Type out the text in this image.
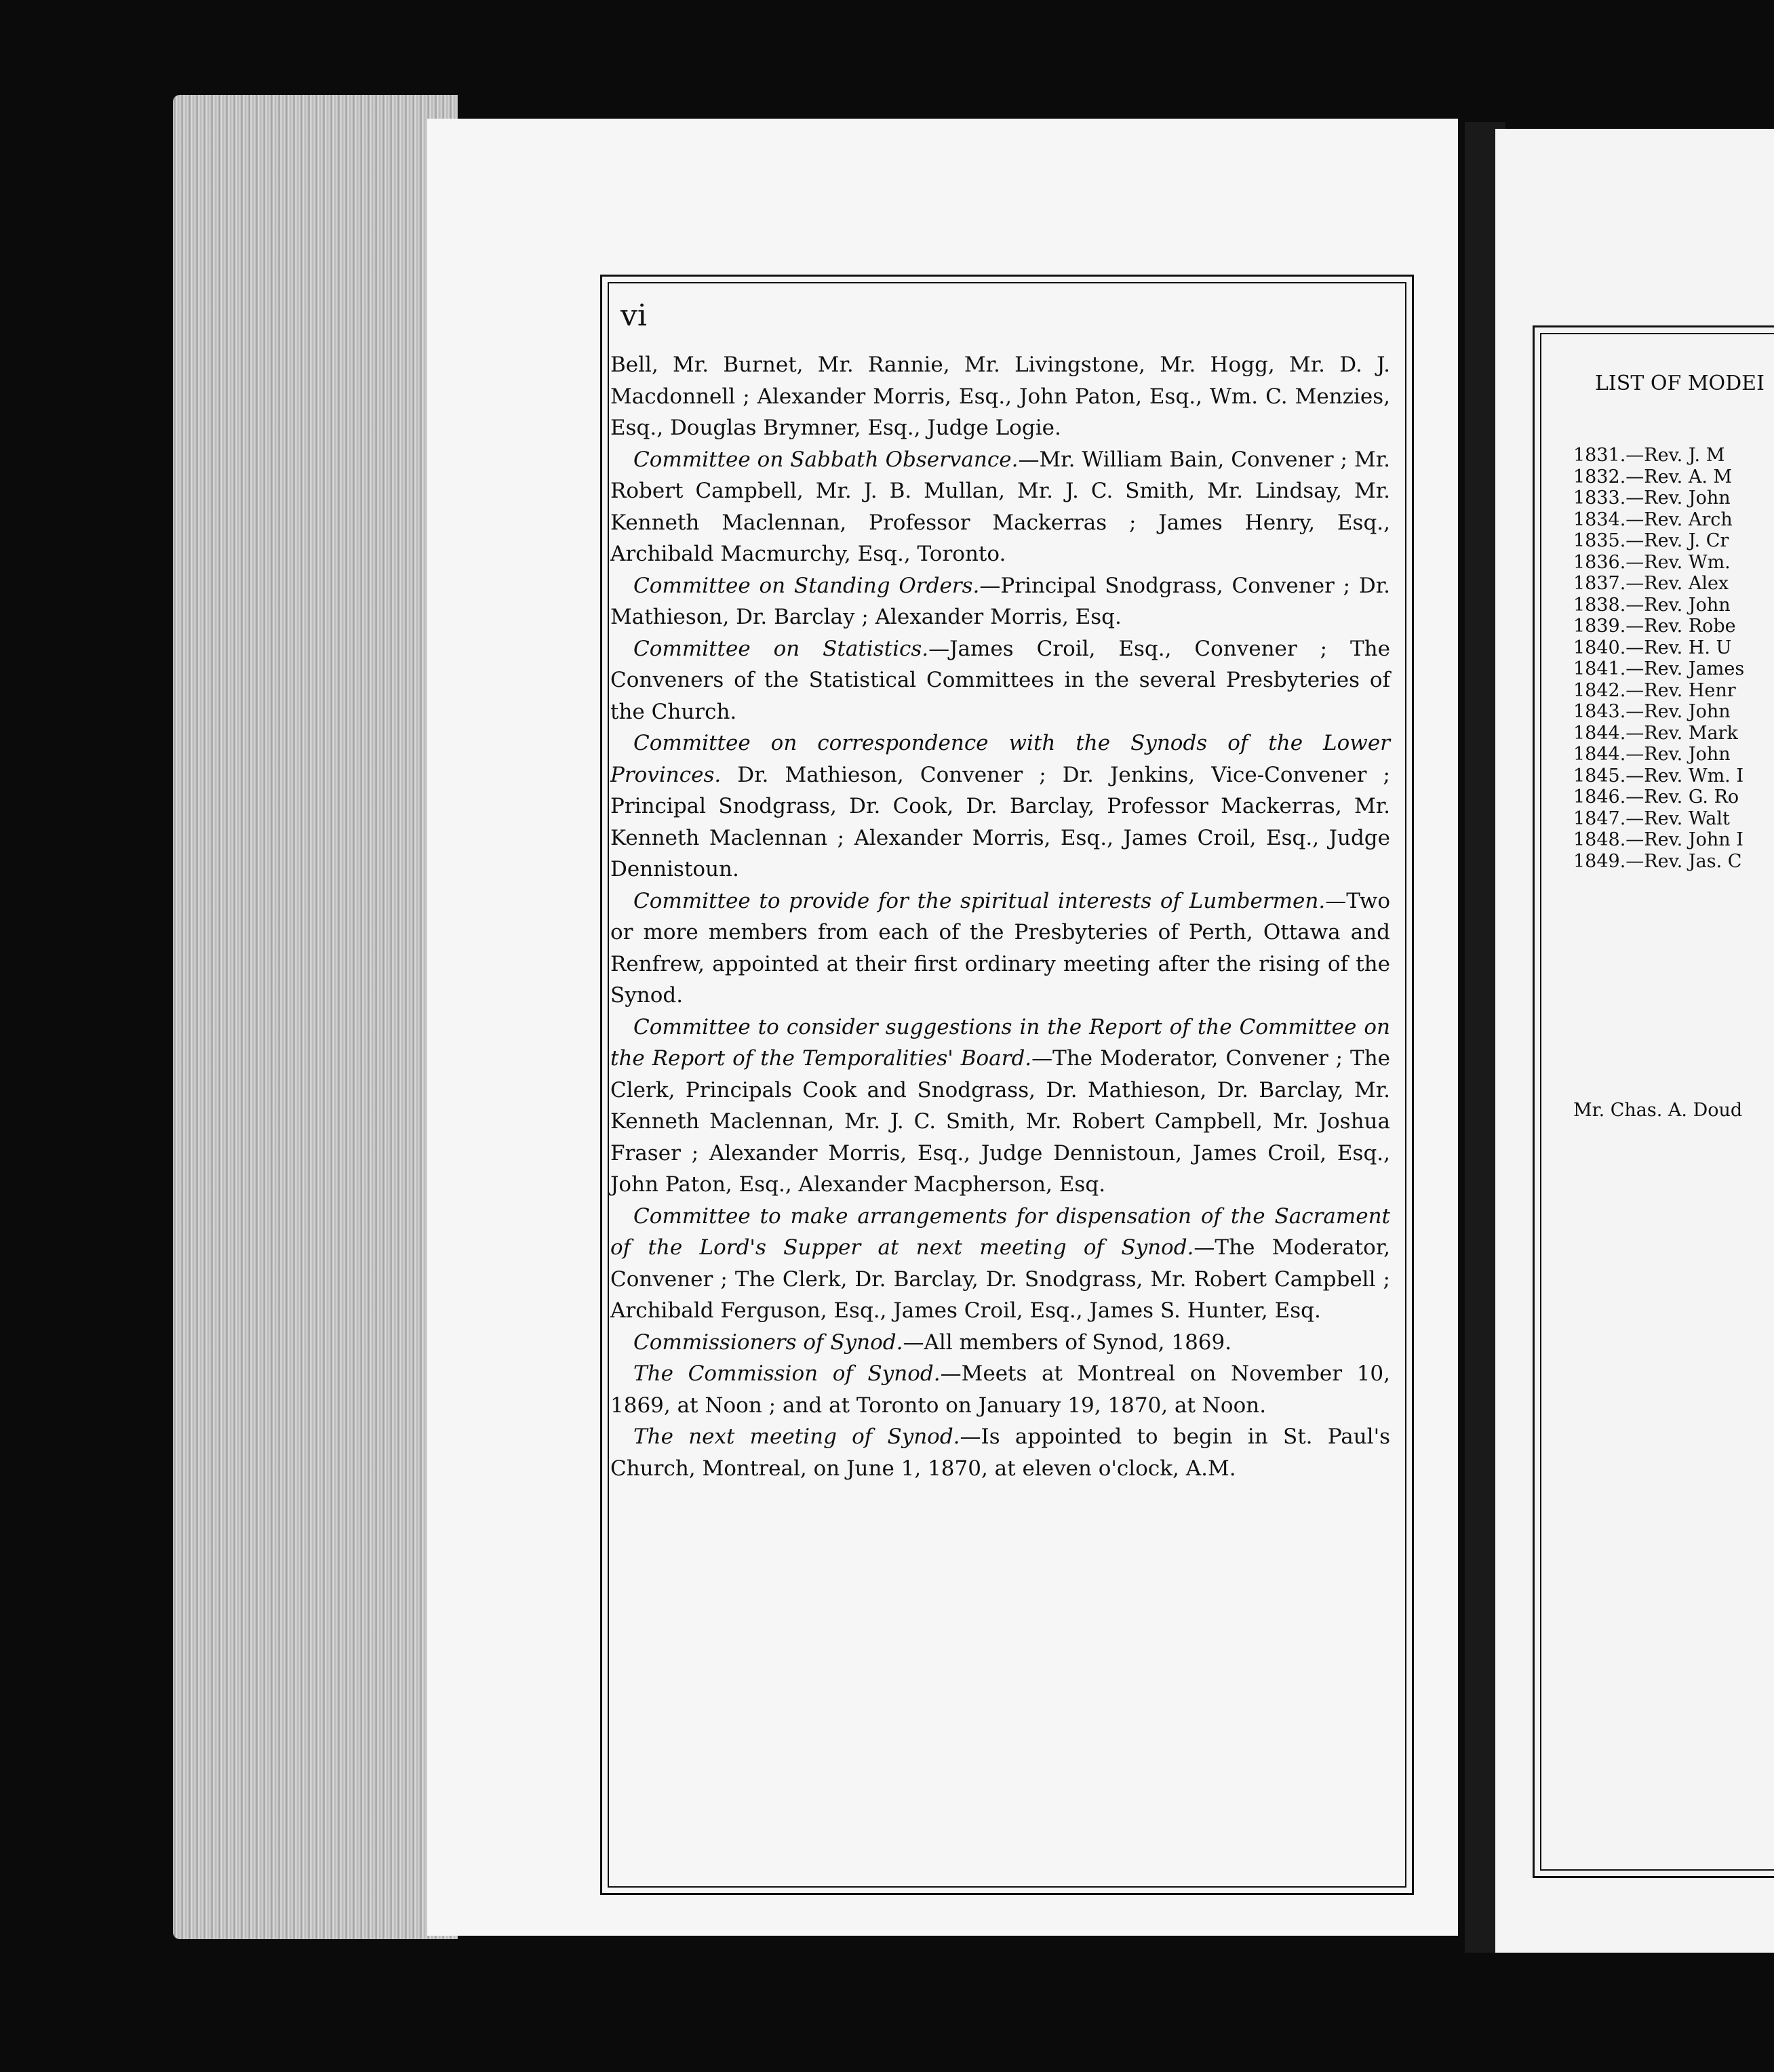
vi

Bell, Mr. Burnet, Mr. Rannie, Mr. Livingstone, Mr. Hogg, Mr. D. J. Macdonnell ; Alexander Morris, Esq., John Paton, Esq., Wm. C. Menzies, Esq., Douglas Brymner, Esq., Judge Logie.

Committee on Sabbath Observance.—Mr. William Bain, Convener ; Mr. Robert Campbell, Mr. J. B. Mullan, Mr. J. C. Smith, Mr. Lindsay, Mr. Kenneth Maclennan, Professor Mackerras ; James Henry, Esq., Archibald Macmurchy, Esq., Toronto.

Committee on Standing Orders.—Principal Snodgrass, Convener ; Dr. Mathieson, Dr. Barclay ; Alexander Morris, Esq.

Committee on Statistics.—James Croil, Esq., Convener ; The Conveners of the Statistical Committees in the several Presbyteries of the Church.

Committee on correspondence with the Synods of the Lower Provinces. Dr. Mathieson, Convener ; Dr. Jenkins, Vice-Convener ; Principal Snodgrass, Dr. Cook, Dr. Barclay, Professor Mackerras, Mr. Kenneth Maclennan ; Alexander Morris, Esq., James Croil, Esq., Judge Dennistoun.

Committee to provide for the spiritual interests of Lumbermen.—Two or more members from each of the Presbyteries of Perth, Ottawa and Renfrew, appointed at their first ordinary meeting after the rising of the Synod.

Committee to consider suggestions in the Report of the Committee on the Report of the Temporalities' Board.—The Moderator, Convener ; The Clerk, Principals Cook and Snodgrass, Dr. Mathieson, Dr. Barclay, Mr. Kenneth Maclennan, Mr. J. C. Smith, Mr. Robert Campbell, Mr. Joshua Fraser ; Alexander Morris, Esq., Judge Dennistoun, James Croil, Esq., John Paton, Esq., Alexander Macpherson, Esq.

Committee to make arrangements for dispensation of the Sacrament of the Lord's Supper at next meeting of Synod.—The Moderator, Convener ; The Clerk, Dr. Barclay, Dr. Snodgrass, Mr. Robert Campbell ; Archibald Ferguson, Esq., James Croil, Esq., James S. Hunter, Esq.

Commissioners of Synod.—All members of Synod, 1869.

The Commission of Synod.—Meets at Montreal on November 10, 1869, at Noon ; and at Toronto on January 19, 1870, at Noon.

The next meeting of Synod.—Is appointed to begin in St. Paul's Church, Montreal, on June 1, 1870, at eleven o'clock, A.M.

LIST OF MODEI
1831.—Rev. J. M
1832.—Rev. A. M
1833.—Rev. John
1834.—Rev. Arch
1835.—Rev. J. Cr
1836.—Rev. Wm.
1837.—Rev. Alex
1838.—Rev. John
1839.—Rev. Robe
1840.—Rev. H. U
1841.—Rev. James
1842.—Rev. Henr
1843.—Rev. John
1844.—Rev. Mark
1844.—Rev. John
1845.—Rev. Wm. I
1846.—Rev. G. Ro
1847.—Rev. Walt
1848.—Rev. John I
1849.—Rev. Jas. C
Mr. Chas. A. Doud
